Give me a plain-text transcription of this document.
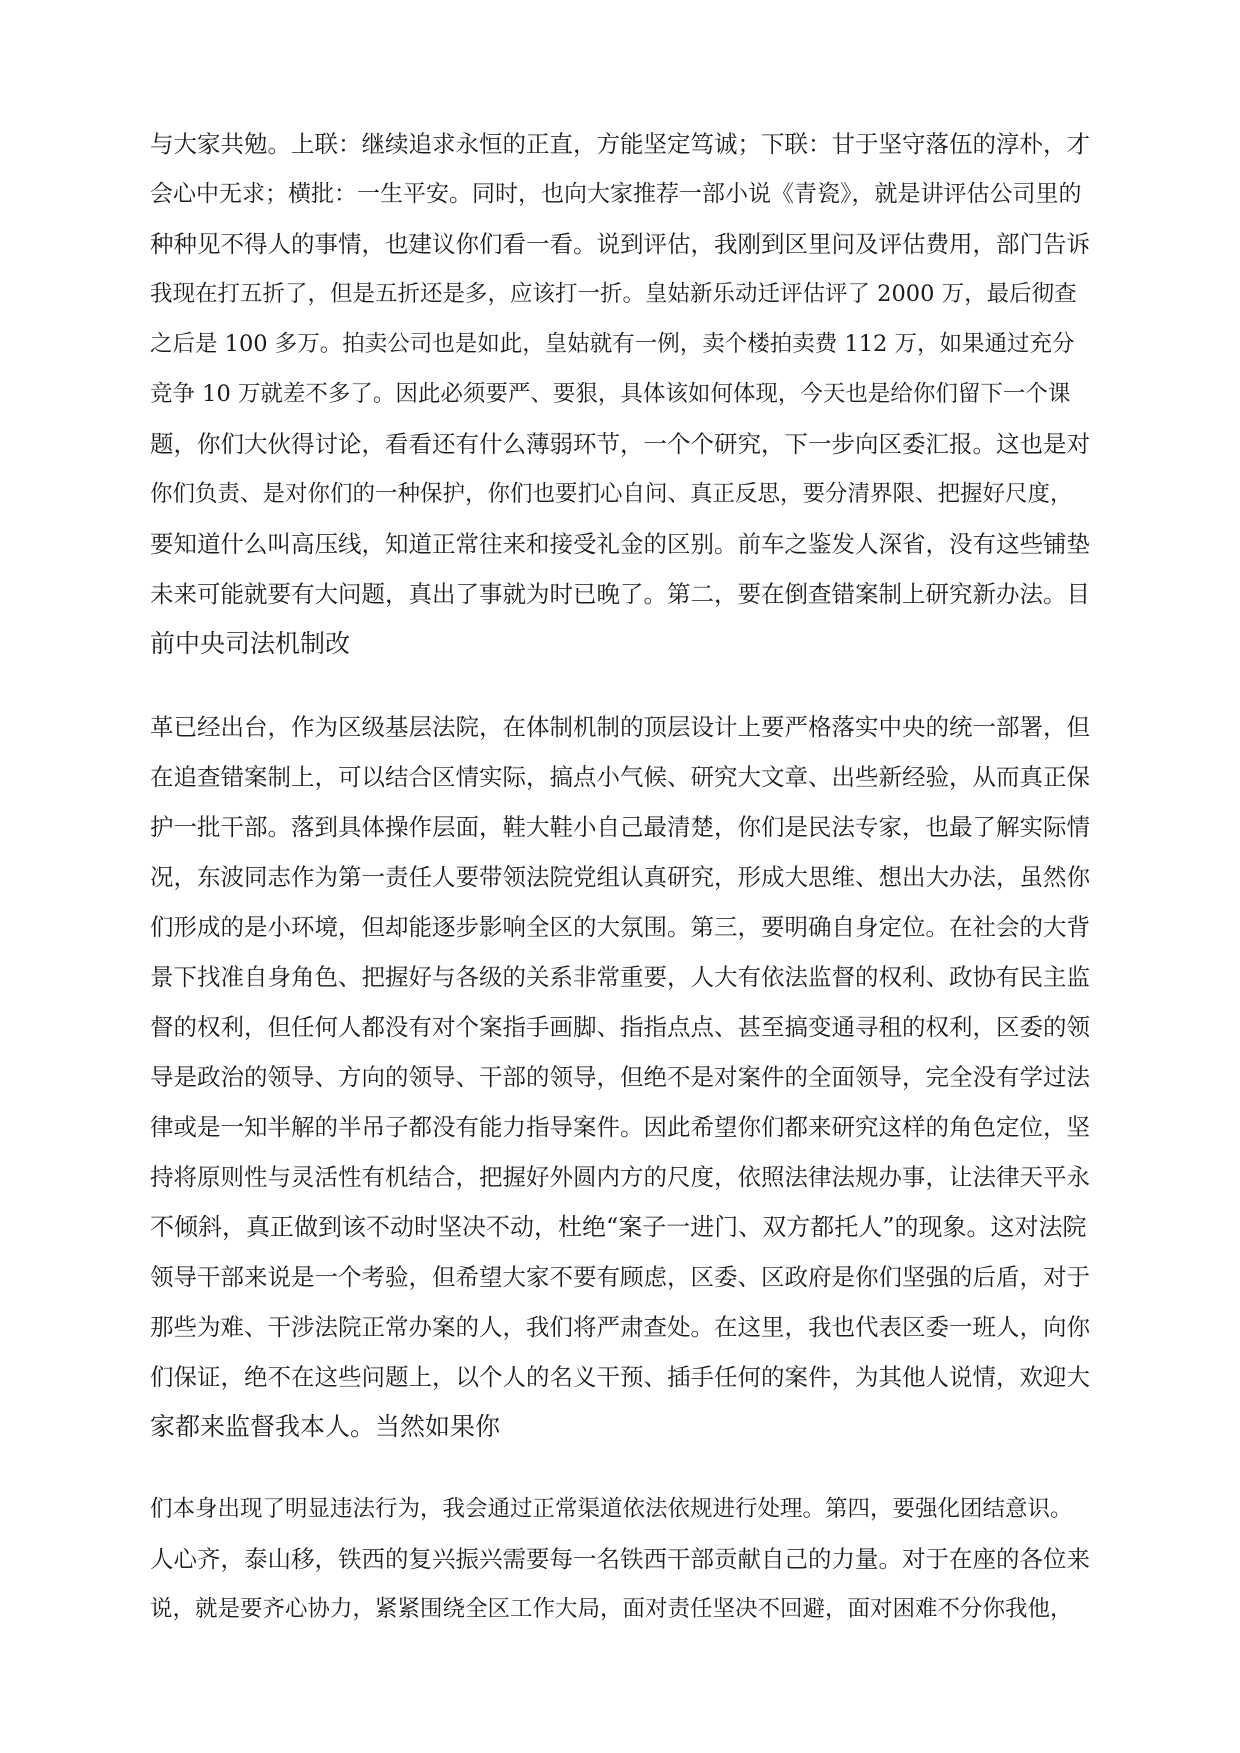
与大家共勉。上联：继续追求永恒的正直，方能坚定笃诚；下联：甘于坚守落伍的淳朴，才
会心中无求；横批：一生平安。同时，也向大家推荐一部小说《青瓷》，就是讲评估公司里的
种种见不得人的事情，也建议你们看一看。说到评估，我刚到区里问及评估费用，部门告诉
我现在打五折了，但是五折还是多，应该打一折。皇姑新乐动迁评估评了 2000 万，最后彻查
之后是 100 多万。拍卖公司也是如此，皇姑就有一例，卖个楼拍卖费 112 万，如果通过充分
竞争 10 万就差不多了。因此必须要严、要狠，具体该如何体现，今天也是给你们留下一个课
题，你们大伙得讨论，看看还有什么薄弱环节，一个个研究，下一步向区委汇报。这也是对
你们负责、是对你们的一种保护，你们也要扪心自问、真正反思，要分清界限、把握好尺度，
要知道什么叫高压线，知道正常往来和接受礼金的区别。前车之鉴发人深省，没有这些铺垫
未来可能就要有大问题，真出了事就为时已晚了。第二，要在倒查错案制上研究新办法。目
前中央司法机制改
革已经出台，作为区级基层法院，在体制机制的顶层设计上要严格落实中央的统一部署，但
在追查错案制上，可以结合区情实际，搞点小气候、研究大文章、出些新经验，从而真正保
护一批干部。落到具体操作层面，鞋大鞋小自己最清楚，你们是民法专家，也最了解实际情
况，东波同志作为第一责任人要带领法院党组认真研究，形成大思维、想出大办法，虽然你
们形成的是小环境，但却能逐步影响全区的大氛围。第三，要明确自身定位。在社会的大背
景下找准自身角色、把握好与各级的关系非常重要，人大有依法监督的权利、政协有民主监
督的权利，但任何人都没有对个案指手画脚、指指点点、甚至搞变通寻租的权利，区委的领
导是政治的领导、方向的领导、干部的领导，但绝不是对案件的全面领导，完全没有学过法
律或是一知半解的半吊子都没有能力指导案件。因此希望你们都来研究这样的角色定位，坚
持将原则性与灵活性有机结合，把握好外圆内方的尺度，依照法律法规办事，让法律天平永
不倾斜，真正做到该不动时坚决不动，杜绝“案子一进门、双方都托人”的现象。这对法院
领导干部来说是一个考验，但希望大家不要有顾虑，区委、区政府是你们坚强的后盾，对于
那些为难、干涉法院正常办案的人，我们将严肃查处。在这里，我也代表区委一班人，向你
们保证，绝不在这些问题上，以个人的名义干预、插手任何的案件，为其他人说情，欢迎大
家都来监督我本人。当然如果你
们本身出现了明显违法行为，我会通过正常渠道依法依规进行处理。第四，要强化团结意识。
人心齐，泰山移，铁西的复兴振兴需要每一名铁西干部贡献自己的力量。对于在座的各位来
说，就是要齐心协力，紧紧围绕全区工作大局，面对责任坚决不回避，面对困难不分你我他，
